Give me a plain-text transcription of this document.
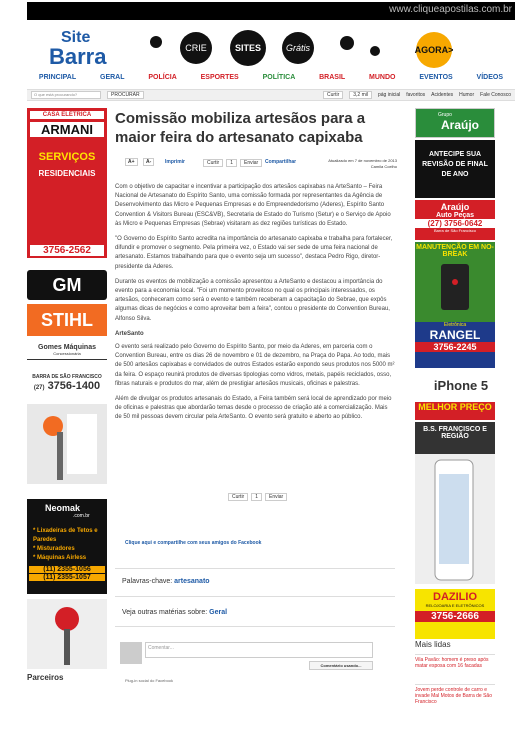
www.cliqueapostilas.com.br
Site
Barra	CRIE	SITES	Grátis	AGORA>
PRINCIPAL	GERAL	POLÍCIA	ESPORTES	POLÍTICA	BRASIL	MUNDO	EVENTOS	VÍDEOS
O que está procurando?	PROCURAR	Curtir	3,2 mil	pág inicial favoritos Acidentes Humor Fale Conosco
CASA ELÉTRICA
ARMANI
SERVIÇOS
RESIDENCIAIS
3756-2562
GM
STIHL
Gomes Máquinas
Concessionária
BARRA DE SÃO FRANCISCO
(27) 3756-1400
Neomak
.com.br
* Lixadeiras de Tetos e Paredes
* Misturadores
* Máquinas Airless
(11) 2355-1056
(11) 2355-1057
Parceiros
Comissão mobiliza artesãos para a maior feira do artesanato capixaba
A+	A-	Imprimir	Curtir	1	Enviar	Compartilhar	Atualizado em 7 de novembro de 2013
Camila Coelho

Com o objetivo de capacitar e incentivar a participação dos artesãos capixabas na ArteSanto – Feira Nacional de Artesanato do Espírito Santo, uma comissão formada por representantes da Agência de Desenvolvimento das Micro e Pequenas Empresas e do Empreendedorismo (Aderes), Espírito Santo Convention & Visitors Bureau (ESC&VB), Secretaria de Estado do Turismo (Setur) e o Serviço de Apoio às Micro e Pequenas Empresas (Sebrae) visitaram as dez regiões turísticas do Estado.

"O Governo do Espírito Santo acredita na importância do artesanato capixaba e trabalha para fortalecer, difundir e promover o segmento. Pela primeira vez, o Estado vai ser sede de uma feira nacional de artesanato. Estamos trabalhando para que o evento seja um sucesso", destaca Pedro Rigo, diretor-presidente da Aderes.

Durante os eventos de mobilização a comissão apresentou a ArteSanto e destacou a importância do evento para a economia local. "Foi um momento proveitoso no qual os principais interessados, os artesãos, conheceram como será o evento e também receberam a capacitação do Sebrae, que expôs algumas dicas de negócios e como aproveitar bem a feira", contou o presidente do Convention Bureau, Alfonso Silva.

ArteSanto

O evento será realizado pelo Governo do Espírito Santo, por meio da Aderes, em parceria com o Convention Bureau, entre os dias 26 de novembro e 01 de dezembro, na Praça do Papa. Ao todo, mais de 500 artesãos capixabas e convidados de outros Estados estarão expondo seus produtos nos 5000 m² da feira. O espaço reunirá produtos de diversas tipologias como vidros, metais, papéis reciclados, osso, fibras naturais e produtos do mar, além de prestigiar artesãos musicais, oficinas e palestras.

Além de divulgar os produtos artesanais do Estado, a Feira também será local de aprendizado por meio de oficinas e palestras que abordarão temas desde o processo de criação até a comercialização. Mais de 50 mil pessoas devem circular pela ArteSanto. O evento será gratuito e aberto ao público.

Curtir	1	Enviar
Clique aqui e compartilhe com seus amigos do Facebook
Palavras-chave: artesanato
Veja outras matérias sobre: Geral
Comentar...
Comentário usando...
Plug-in social do Facebook
Grupo
Araújo
ANTECIPE SUA REVISÃO DE FINAL DE ANO
Araújo
Auto Peças
(27) 3756-0642
Barra de São Francisco
MANUTENÇÃO EM NO-BREAK
Eletrônica
RANGEL
3756-2245
iPhone 5
MELHOR PREÇO
B.S. FRANCISCO E REGIÃO
DAZILIO
RELOJOARIA E ELETRÔNICOS
3756-2666
Mais lidas
Vila Pavão: homem é preso após matar esposa com 16 facadas
Jovem perde controle de carro e invade Mal Motos de Barra de São Francisco
